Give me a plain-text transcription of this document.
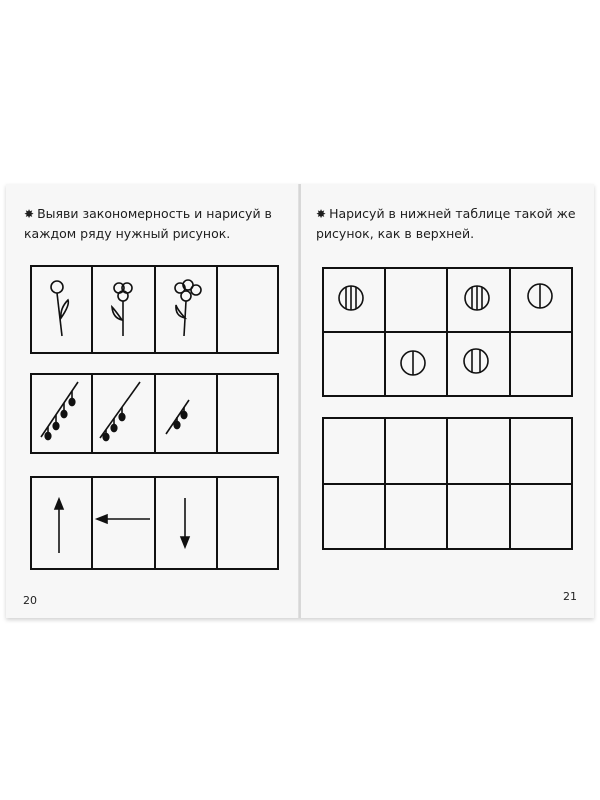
✸ Выяви закономерность и нарисуй в каждом ряду нужный рисунок.
20
✸ Нарисуй в нижней таблице такой же рисунок, как в верхней.
21
